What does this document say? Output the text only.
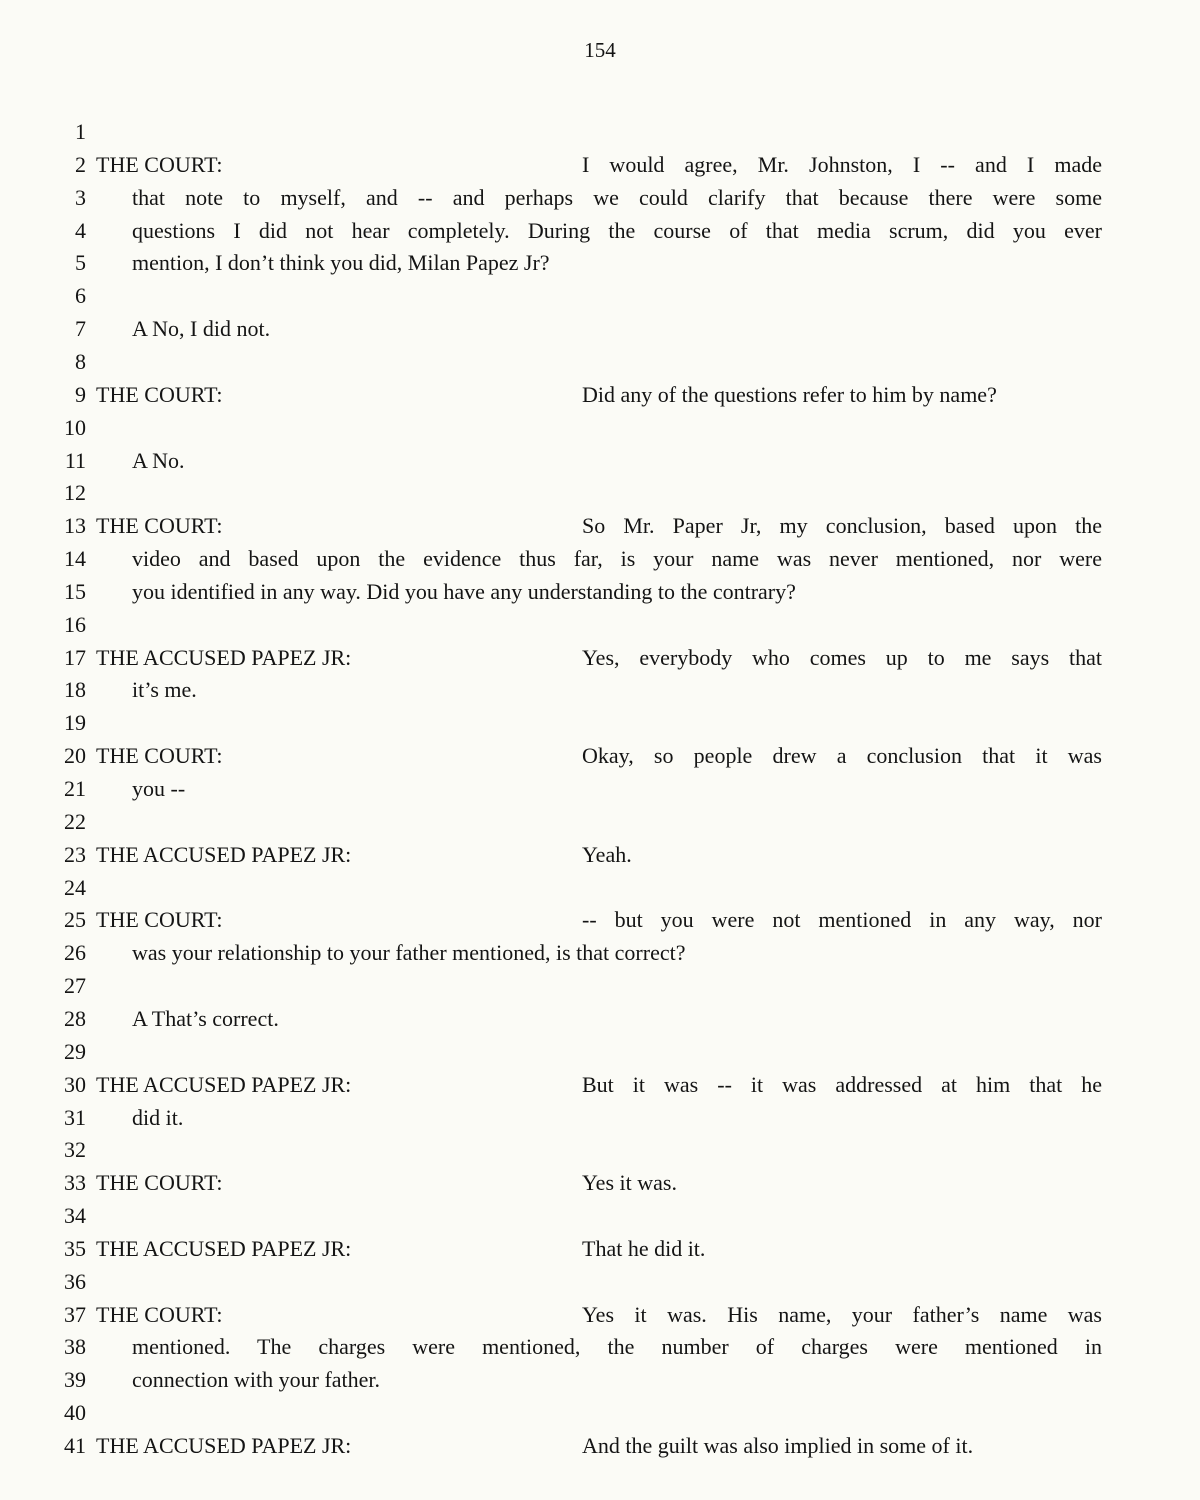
154
1
2 THE COURT:	I would agree, Mr. Johnston, I -- and I made
3 that note to myself, and -- and perhaps we could clarify that because there were some
4 questions I did not hear completely. During the course of that media scrum, did you ever
5 mention, I don’t think you did, Milan Papez Jr?
6
7 A No, I did not.
8
9 THE COURT:	Did any of the questions refer to him by name?
10
11 A No.
12
13 THE COURT:	So Mr. Paper Jr, my conclusion, based upon the
14 video and based upon the evidence thus far, is your name was never mentioned, nor were
15 you identified in any way. Did you have any understanding to the contrary?
16
17 THE ACCUSED PAPEZ JR:	Yes, everybody who comes up to me says that
18 it’s me.
19
20 THE COURT:	Okay, so people drew a conclusion that it was
21 you --
22
23 THE ACCUSED PAPEZ JR:	Yeah.
24
25 THE COURT:	-- but you were not mentioned in any way, nor
26 was your relationship to your father mentioned, is that correct?
27
28 A That’s correct.
29
30 THE ACCUSED PAPEZ JR:	But it was -- it was addressed at him that he
31 did it.
32
33 THE COURT:	Yes it was.
34
35 THE ACCUSED PAPEZ JR:	That he did it.
36
37 THE COURT:	Yes it was. His name, your father’s name was
38 mentioned. The charges were mentioned, the number of charges were mentioned in
39 connection with your father.
40
41 THE ACCUSED PAPEZ JR:	And the guilt was also implied in some of it.
